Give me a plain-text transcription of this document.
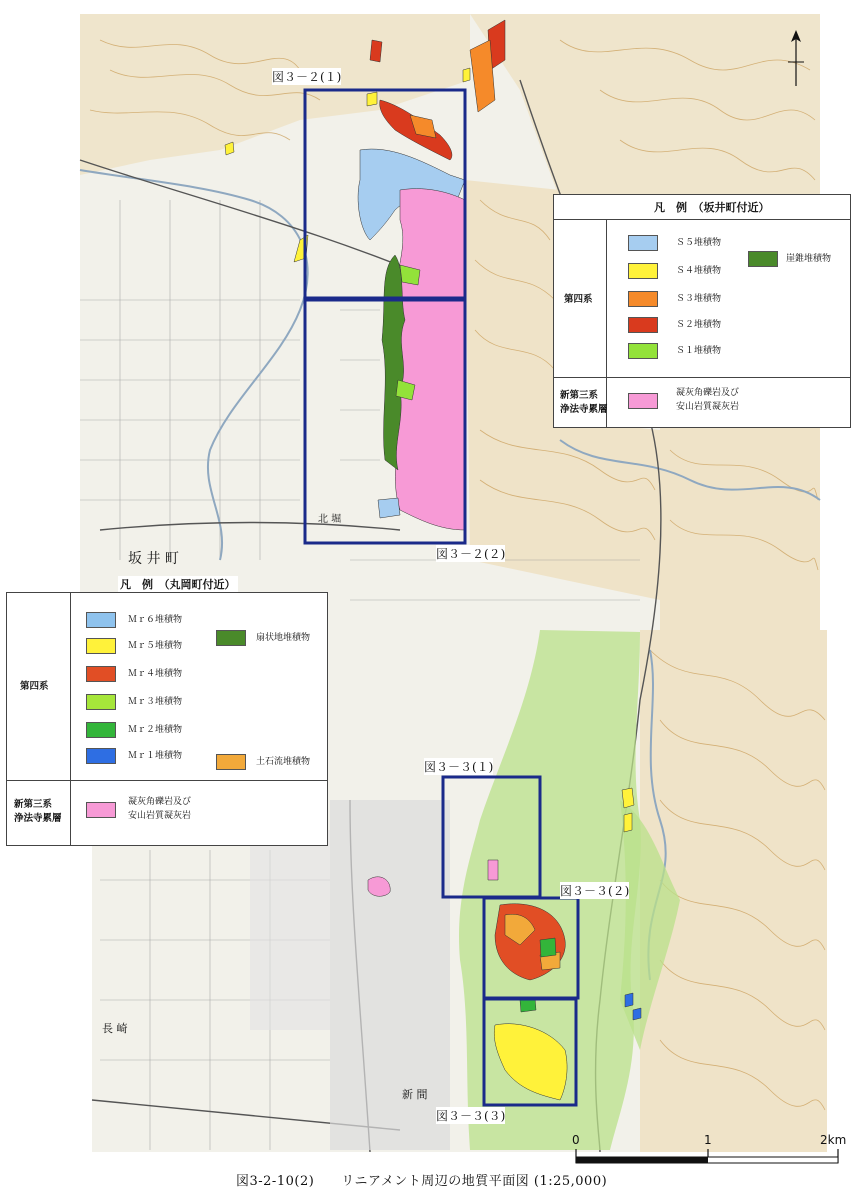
図３－２(１)
図３－２(２)
図３－３(１)
図３－３(２)
図３－３(３)
坂 井 町
北 堀
長 崎
新 間
凡　例　（坂井町付近）
第四系
新第三系
浄法寺累層
Ｓ５堆積物
Ｓ４堆積物
Ｓ３堆積物
Ｓ２堆積物
Ｓ１堆積物
崖錐堆積物
凝灰角礫岩及び
安山岩質凝灰岩
凡　例　（丸岡町付近）
第四系
新第三系
浄法寺累層
Ｍｒ６堆積物
Ｍｒ５堆積物
Ｍｒ４堆積物
Ｍｒ３堆積物
Ｍｒ２堆積物
Ｍｒ１堆積物
扇状地堆積物
土石流堆積物
凝灰角礫岩及び
安山岩質凝灰岩
0	1	2km
図3-2-10(2)　　リニアメント周辺の地質平面図 (1:25,000)
